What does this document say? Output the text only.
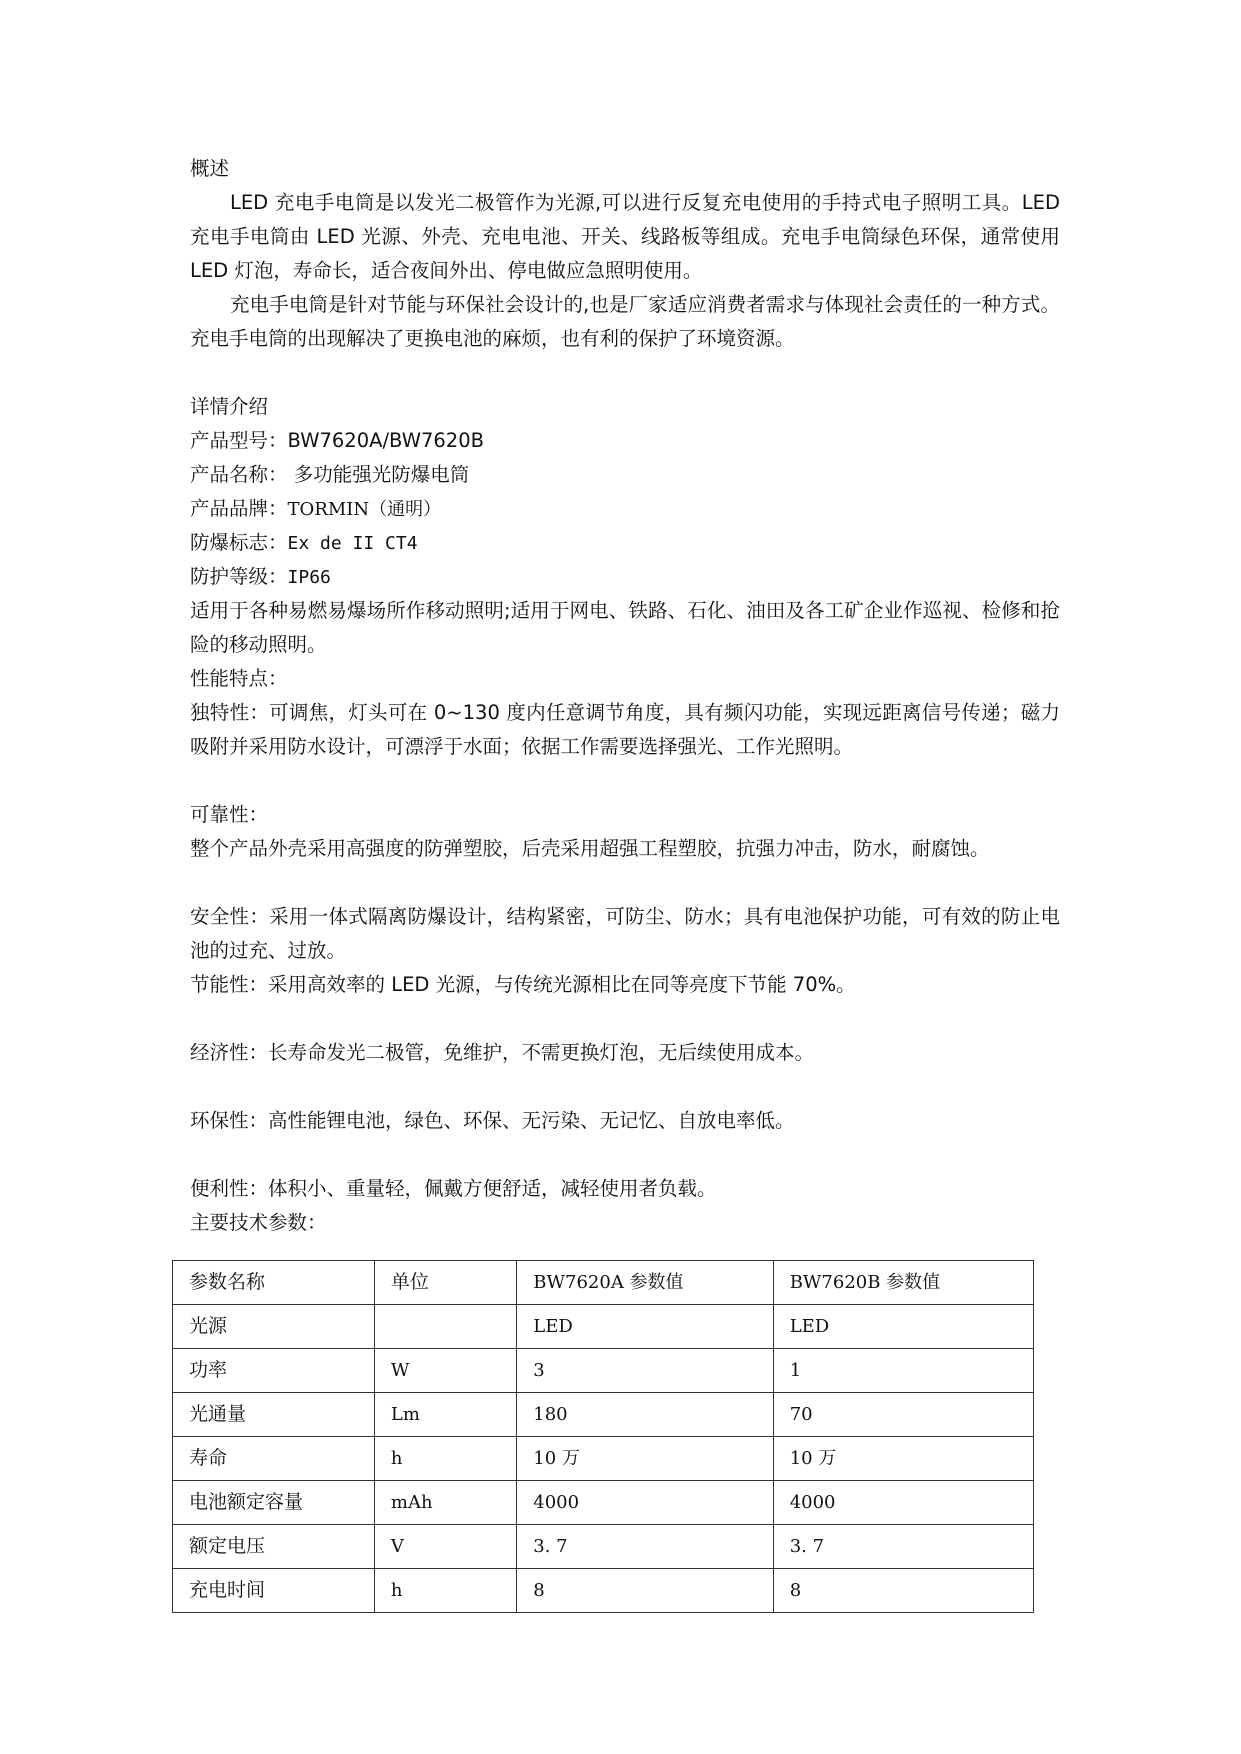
概述
LED 充电手电筒是以发光二极管作为光源,可以进行反复充电使用的手持式电子照明工具。LED 充电手电筒由 LED 光源、外壳、充电电池、开关、线路板等组成。充电手电筒绿色环保，通常使用 LED 灯泡，寿命长，适合夜间外出、停电做应急照明使用。
充电手电筒是针对节能与环保社会设计的,也是厂家适应消费者需求与体现社会责任的一种方式。充电手电筒的出现解决了更换电池的麻烦，也有利的保护了环境资源。
详情介绍
产品型号：BW7620A/BW7620B
产品名称： 多功能强光防爆电筒
产品品牌：TORMIN（通明）
防爆标志：Ex de II CT4
防护等级：IP66
适用于各种易燃易爆场所作移动照明;适用于网电、铁路、石化、油田及各工矿企业作巡视、检修和抢险的移动照明。
性能特点：
独特性：可调焦，灯头可在 0~130 度内任意调节角度，具有频闪功能，实现远距离信号传递；磁力吸附并采用防水设计，可漂浮于水面；依据工作需要选择强光、工作光照明。
可靠性：
整个产品外壳采用高强度的防弹塑胶，后壳采用超强工程塑胶，抗强力冲击，防水，耐腐蚀。
安全性：采用一体式隔离防爆设计，结构紧密，可防尘、防水；具有电池保护功能，可有效的防止电池的过充、过放。
节能性：采用高效率的 LED 光源，与传统光源相比在同等亮度下节能 70%。
经济性：长寿命发光二极管，免维护，不需更换灯泡，无后续使用成本。
环保性：高性能锂电池，绿色、环保、无污染、无记忆、自放电率低。
便利性：体积小、重量轻，佩戴方便舒适，减轻使用者负载。
主要技术参数：
参数名称	单位	BW7620A 参数值	BW7620B 参数值
光源		LED	LED
功率	W	3	1
光通量	Lm	180	70
寿命	h	10 万	10 万
电池额定容量	mAh	4000	4000
额定电压	V	3. 7	3. 7
充电时间	h	8	8
